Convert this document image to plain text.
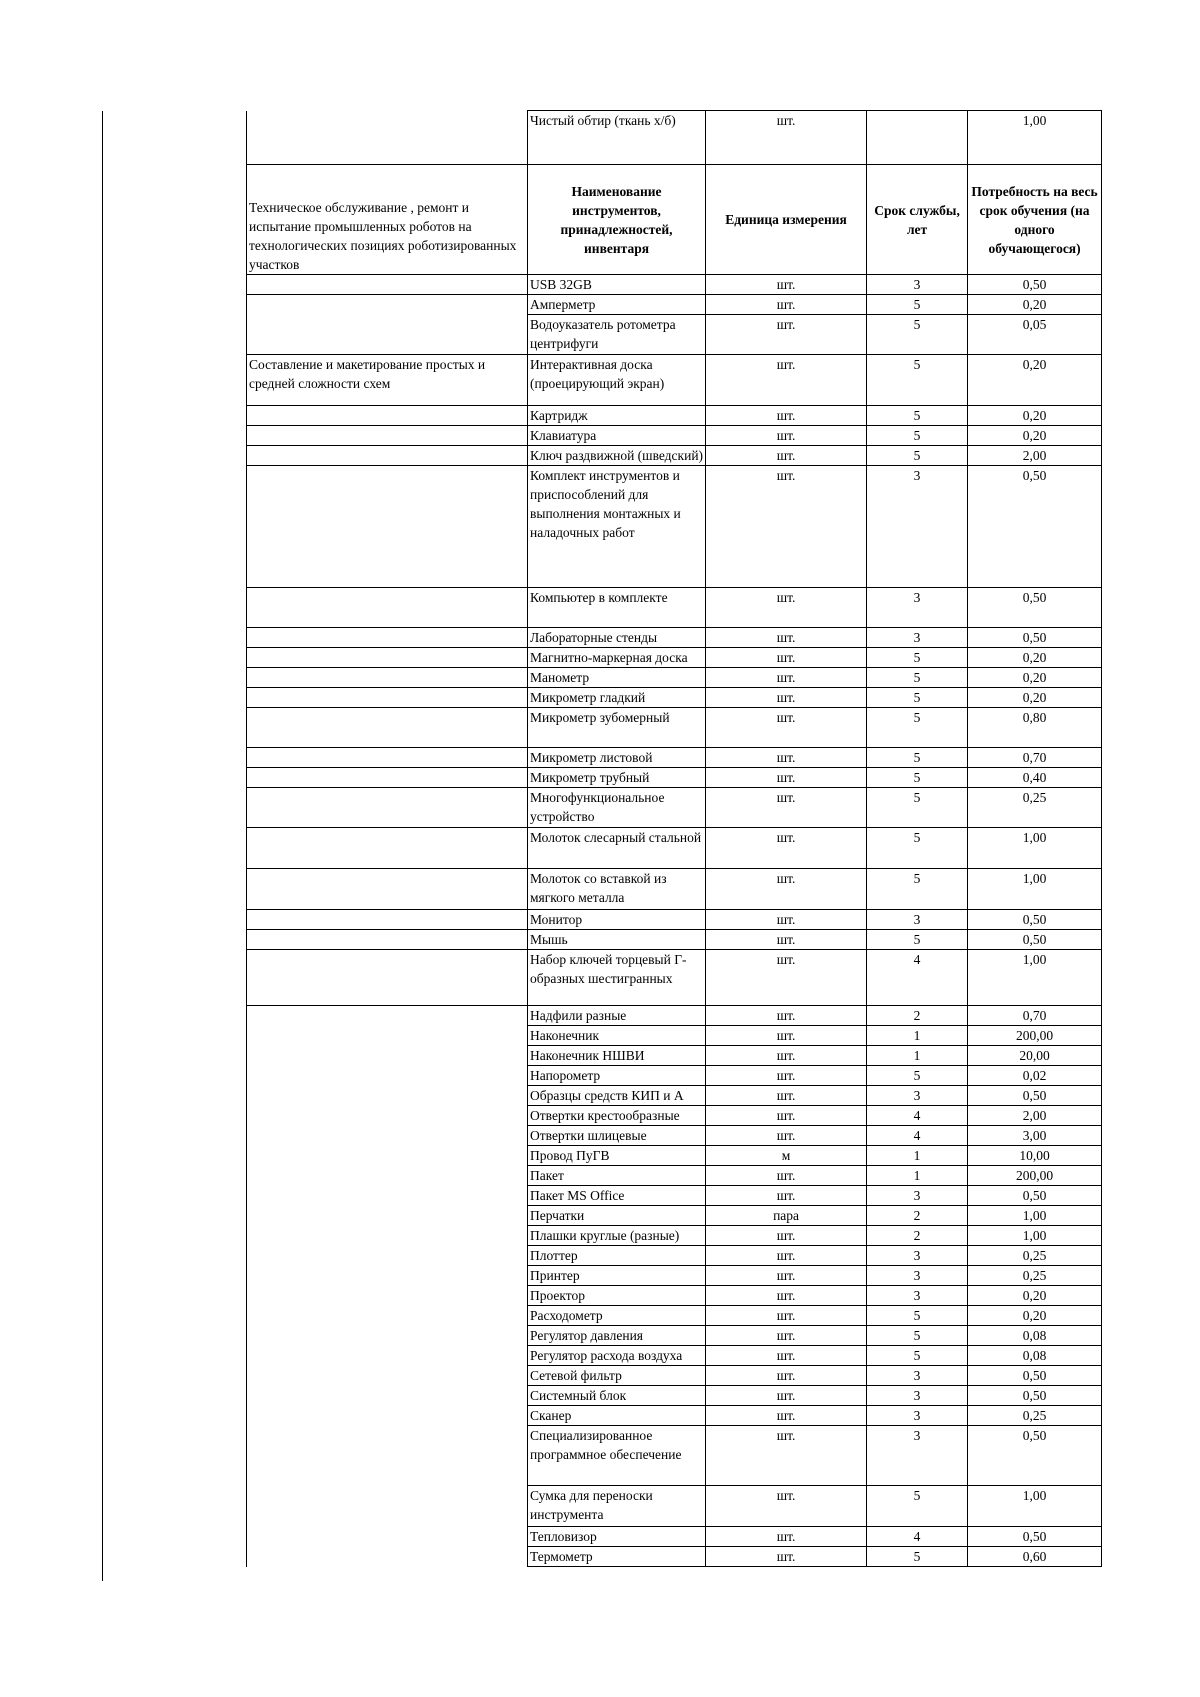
	Чистый обтир (ткань х/б)	шт.		1,00
Техническое обслуживание , ремонт и испытание промышленных роботов на технологических позициях роботизированных участков	Наименование инструментов, принадлежностей, инвентаря	Единица измерения	Срок службы, лет	Потребность на весь срок обучения (на одного обучающегося)
	USB 32GB	шт.	3	0,50
	Амперметр	шт.	5	0,20
	Водоуказатель ротометра центрифуги	шт.	5	0,05
Составление и макетирование простых и средней сложности схем	Интерактивная доска (проецирующий экран)	шт.	5	0,20
	Картридж	шт.	5	0,20
	Клавиатура	шт.	5	0,20
	Ключ раздвижной (шведский)	шт.	5	2,00
	Комплект инструментов и приспособлений для выполнения монтажных и наладочных работ	шт.	3	0,50
	Компьютер в комплекте	шт.	3	0,50
	Лабораторные стенды	шт.	3	0,50
	Магнитно-маркерная доска	шт.	5	0,20
	Манометр	шт.	5	0,20
	Микрометр гладкий	шт.	5	0,20
	Микрометр зубомерный	шт.	5	0,80
	Микрометр листовой	шт.	5	0,70
	Микрометр трубный	шт.	5	0,40
	Многофункциональное устройство	шт.	5	0,25
	Молоток слесарный стальной	шт.	5	1,00
	Молоток со вставкой из мягкого металла	шт.	5	1,00
	Монитор	шт.	3	0,50
	Мышь	шт.	5	0,50
	Набор ключей торцевый Г-образных шестигранных	шт.	4	1,00
	Надфили разные	шт.	2	0,70
	Наконечник	шт.	1	200,00
	Наконечник НШВИ	шт.	1	20,00
	Напорометр	шт.	5	0,02
	Образцы средств КИП и А	шт.	3	0,50
	Отвертки крестообразные	шт.	4	2,00
	Отвертки шлицевые	шт.	4	3,00
	Провод ПуГВ	м	1	10,00
	Пакет	шт.	1	200,00
	Пакет MS Office	шт.	3	0,50
	Перчатки	пара	2	1,00
	Плашки круглые (разные)	шт.	2	1,00
	Плоттер	шт.	3	0,25
	Принтер	шт.	3	0,25
	Проектор	шт.	3	0,20
	Расходометр	шт.	5	0,20
	Регулятор давления	шт.	5	0,08
	Регулятор расхода воздуха	шт.	5	0,08
	Сетевой фильтр	шт.	3	0,50
	Системный блок	шт.	3	0,50
	Сканер	шт.	3	0,25
	Специализированное программное обеспечение	шт.	3	0,50
	Сумка для переноски инструмента	шт.	5	1,00
	Тепловизор	шт.	4	0,50
	Термометр	шт.	5	0,60
